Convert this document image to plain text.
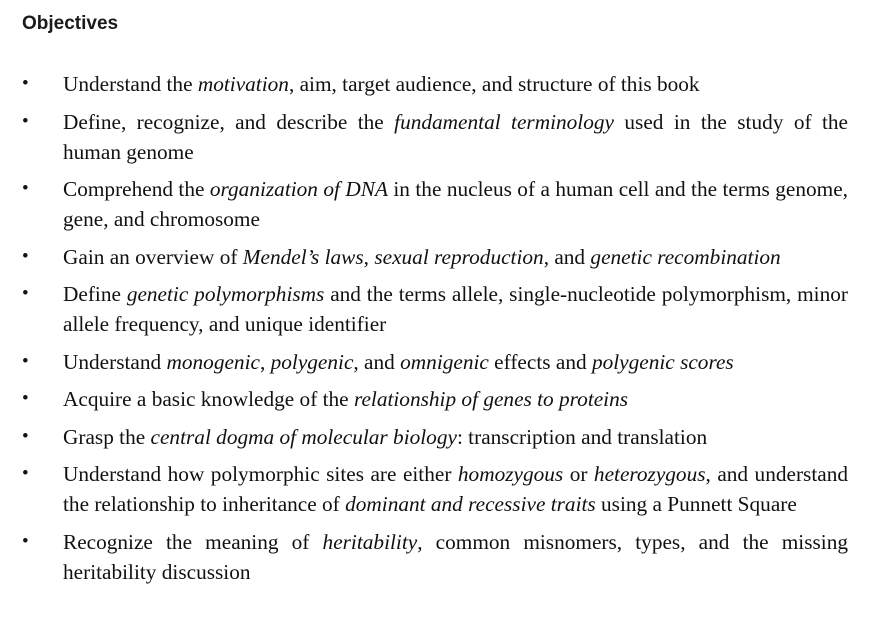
Objectives
• Understand the motivation, aim, target audience, and structure of this book
• Define, recognize, and describe the fundamental terminology used in the study of the human genome
• Comprehend the organization of DNA in the nucleus of a human cell and the terms genome, gene, and chromosome
• Gain an overview of Mendel’s laws, sexual reproduction, and genetic recombination
• Define genetic polymorphisms and the terms allele, single-nucleotide polymorphism, minor allele frequency, and unique identifier
• Understand monogenic, polygenic, and omnigenic effects and polygenic scores
• Acquire a basic knowledge of the relationship of genes to proteins
• Grasp the central dogma of molecular biology: transcription and translation
• Understand how polymorphic sites are either homozygous or heterozygous, and understand the relationship to inheritance of dominant and recessive traits using a Punnett Square
• Recognize the meaning of heritability, common misnomers, types, and the missing heritability discussion
